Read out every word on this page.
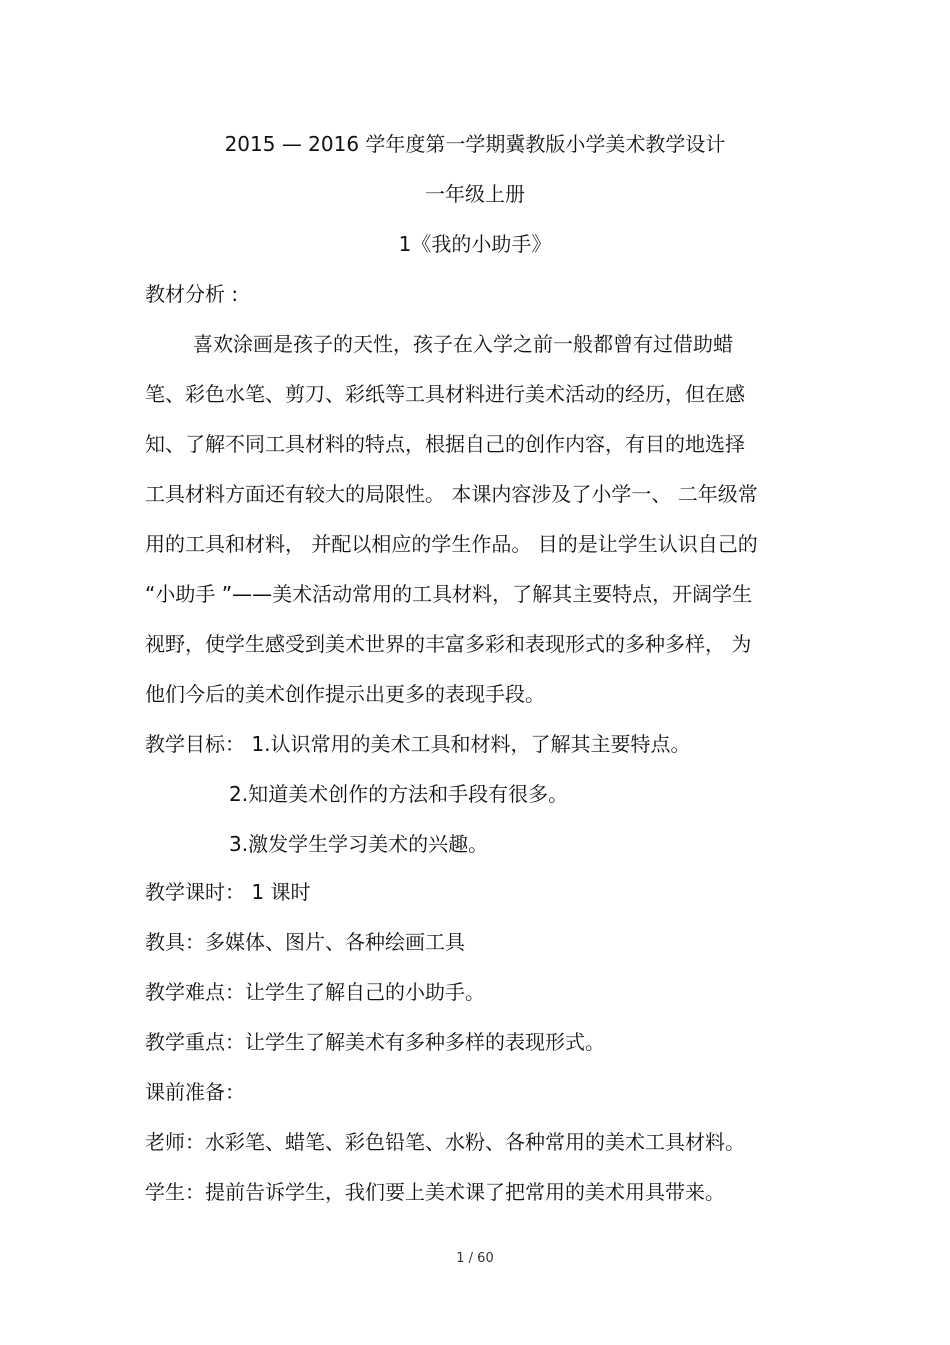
2015 — 2016 学年度第一学期冀教版小学美术教学设计
一年级上册
1《我的小助手》
教材分析 :
喜欢涂画是孩子的天性，孩子在入学之前一般都曾有过借助蜡
笔、彩色水笔、剪刀、彩纸等工具材料进行美术活动的经历，但在感
知、了解不同工具材料的特点，根据自己的创作内容，有目的地选择
工具材料方面还有较大的局限性。 本课内容涉及了小学一、 二年级常
用的工具和材料， 并配以相应的学生作品。 目的是让学生认识自己的
“小助手 ”——美术活动常用的工具材料，了解其主要特点，开阔学生
视野，使学生感受到美术世界的丰富多彩和表现形式的多种多样， 为
他们今后的美术创作提示出更多的表现手段。
教学目标： 1.认识常用的美术工具和材料，了解其主要特点。
2.知道美术创作的方法和手段有很多。
3.激发学生学习美术的兴趣。
教学课时： 1 课时
教具：多媒体、图片、各种绘画工具
教学难点：让学生了解自己的小助手。
教学重点：让学生了解美术有多种多样的表现形式。
课前准备：
老师：水彩笔、蜡笔、彩色铅笔、水粉、各种常用的美术工具材料。
学生：提前告诉学生，我们要上美术课了把常用的美术用具带来。
1 / 60
